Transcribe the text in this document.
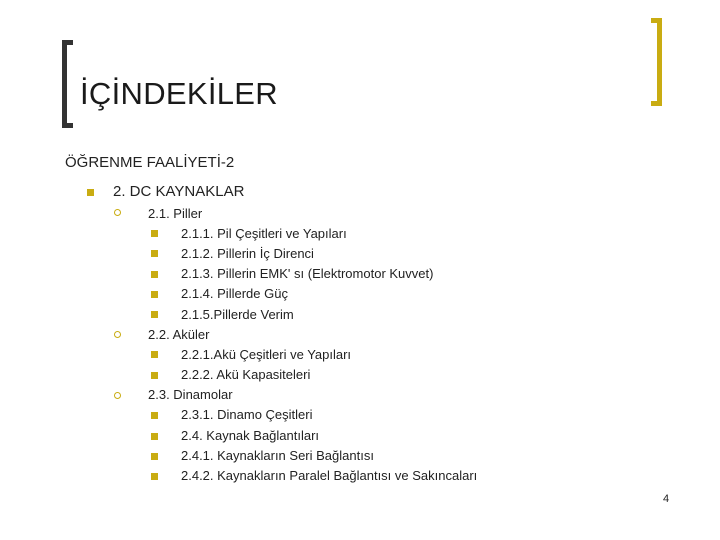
İÇİNDEKİLER
ÖĞRENME FAALİYETİ-2
2. DC KAYNAKLAR
2.1. Piller
2.1.1. Pil Çeşitleri ve Yapıları
2.1.2. Pillerin İç Direnci
2.1.3. Pillerin EMK' sı (Elektromotor Kuvvet)
2.1.4. Pillerde Güç
2.1.5.Pillerde Verim
2.2. Aküler
2.2.1.Akü Çeşitleri ve Yapıları
2.2.2. Akü Kapasiteleri
2.3. Dinamolar
2.3.1. Dinamo Çeşitleri
2.4. Kaynak Bağlantıları
2.4.1. Kaynakların Seri Bağlantısı
2.4.2. Kaynakların Paralel Bağlantısı ve Sakıncaları
4
